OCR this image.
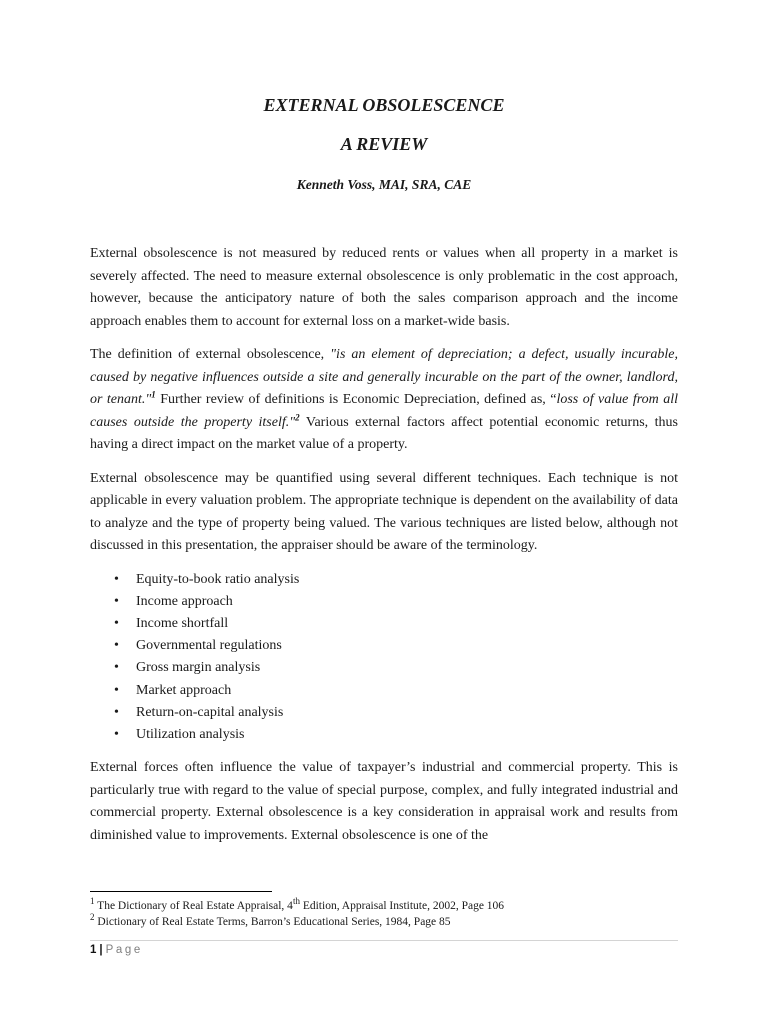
EXTERNAL OBSOLESCENCE
A REVIEW

Kenneth Voss, MAI, SRA, CAE

External obsolescence is not measured by reduced rents or values when all property in a market is severely affected. The need to measure external obsolescence is only problematic in the cost approach, however, because the anticipatory nature of both the sales comparison approach and the income approach enables them to account for external loss on a market-wide basis.

The definition of external obsolescence, "is an element of depreciation; a defect, usually incurable, caused by negative influences outside a site and generally incurable on the part of the owner, landlord, or tenant."$^1$ Further review of definitions is Economic Depreciation, defined as, “loss of value from all causes outside the property itself."$^2$ Various external factors affect potential economic returns, thus having a direct impact on the market value of a property.

External obsolescence may be quantified using several different techniques. Each technique is not applicable in every valuation problem. The appropriate technique is dependent on the availability of data to analyze and the type of property being valued. The various techniques are listed below, although not discussed in this presentation, the appraiser should be aware of the terminology.

• Equity-to-book ratio analysis
• Income approach
• Income shortfall
• Governmental regulations
• Gross margin analysis
• Market approach
• Return-on-capital analysis
• Utilization analysis

External forces often influence the value of taxpayer’s industrial and commercial property. This is particularly true with regard to the value of special purpose, complex, and fully integrated industrial and commercial property. External obsolescence is a key consideration in appraisal work and results from diminished value to improvements. External obsolescence is one of the

$^1$ The Dictionary of Real Estate Appraisal, 4th Edition, Appraisal Institute, 2002, Page 106
$^2$ Dictionary of Real Estate Terms, Barron’s Educational Series, 1984, Page 85
1 | Page
